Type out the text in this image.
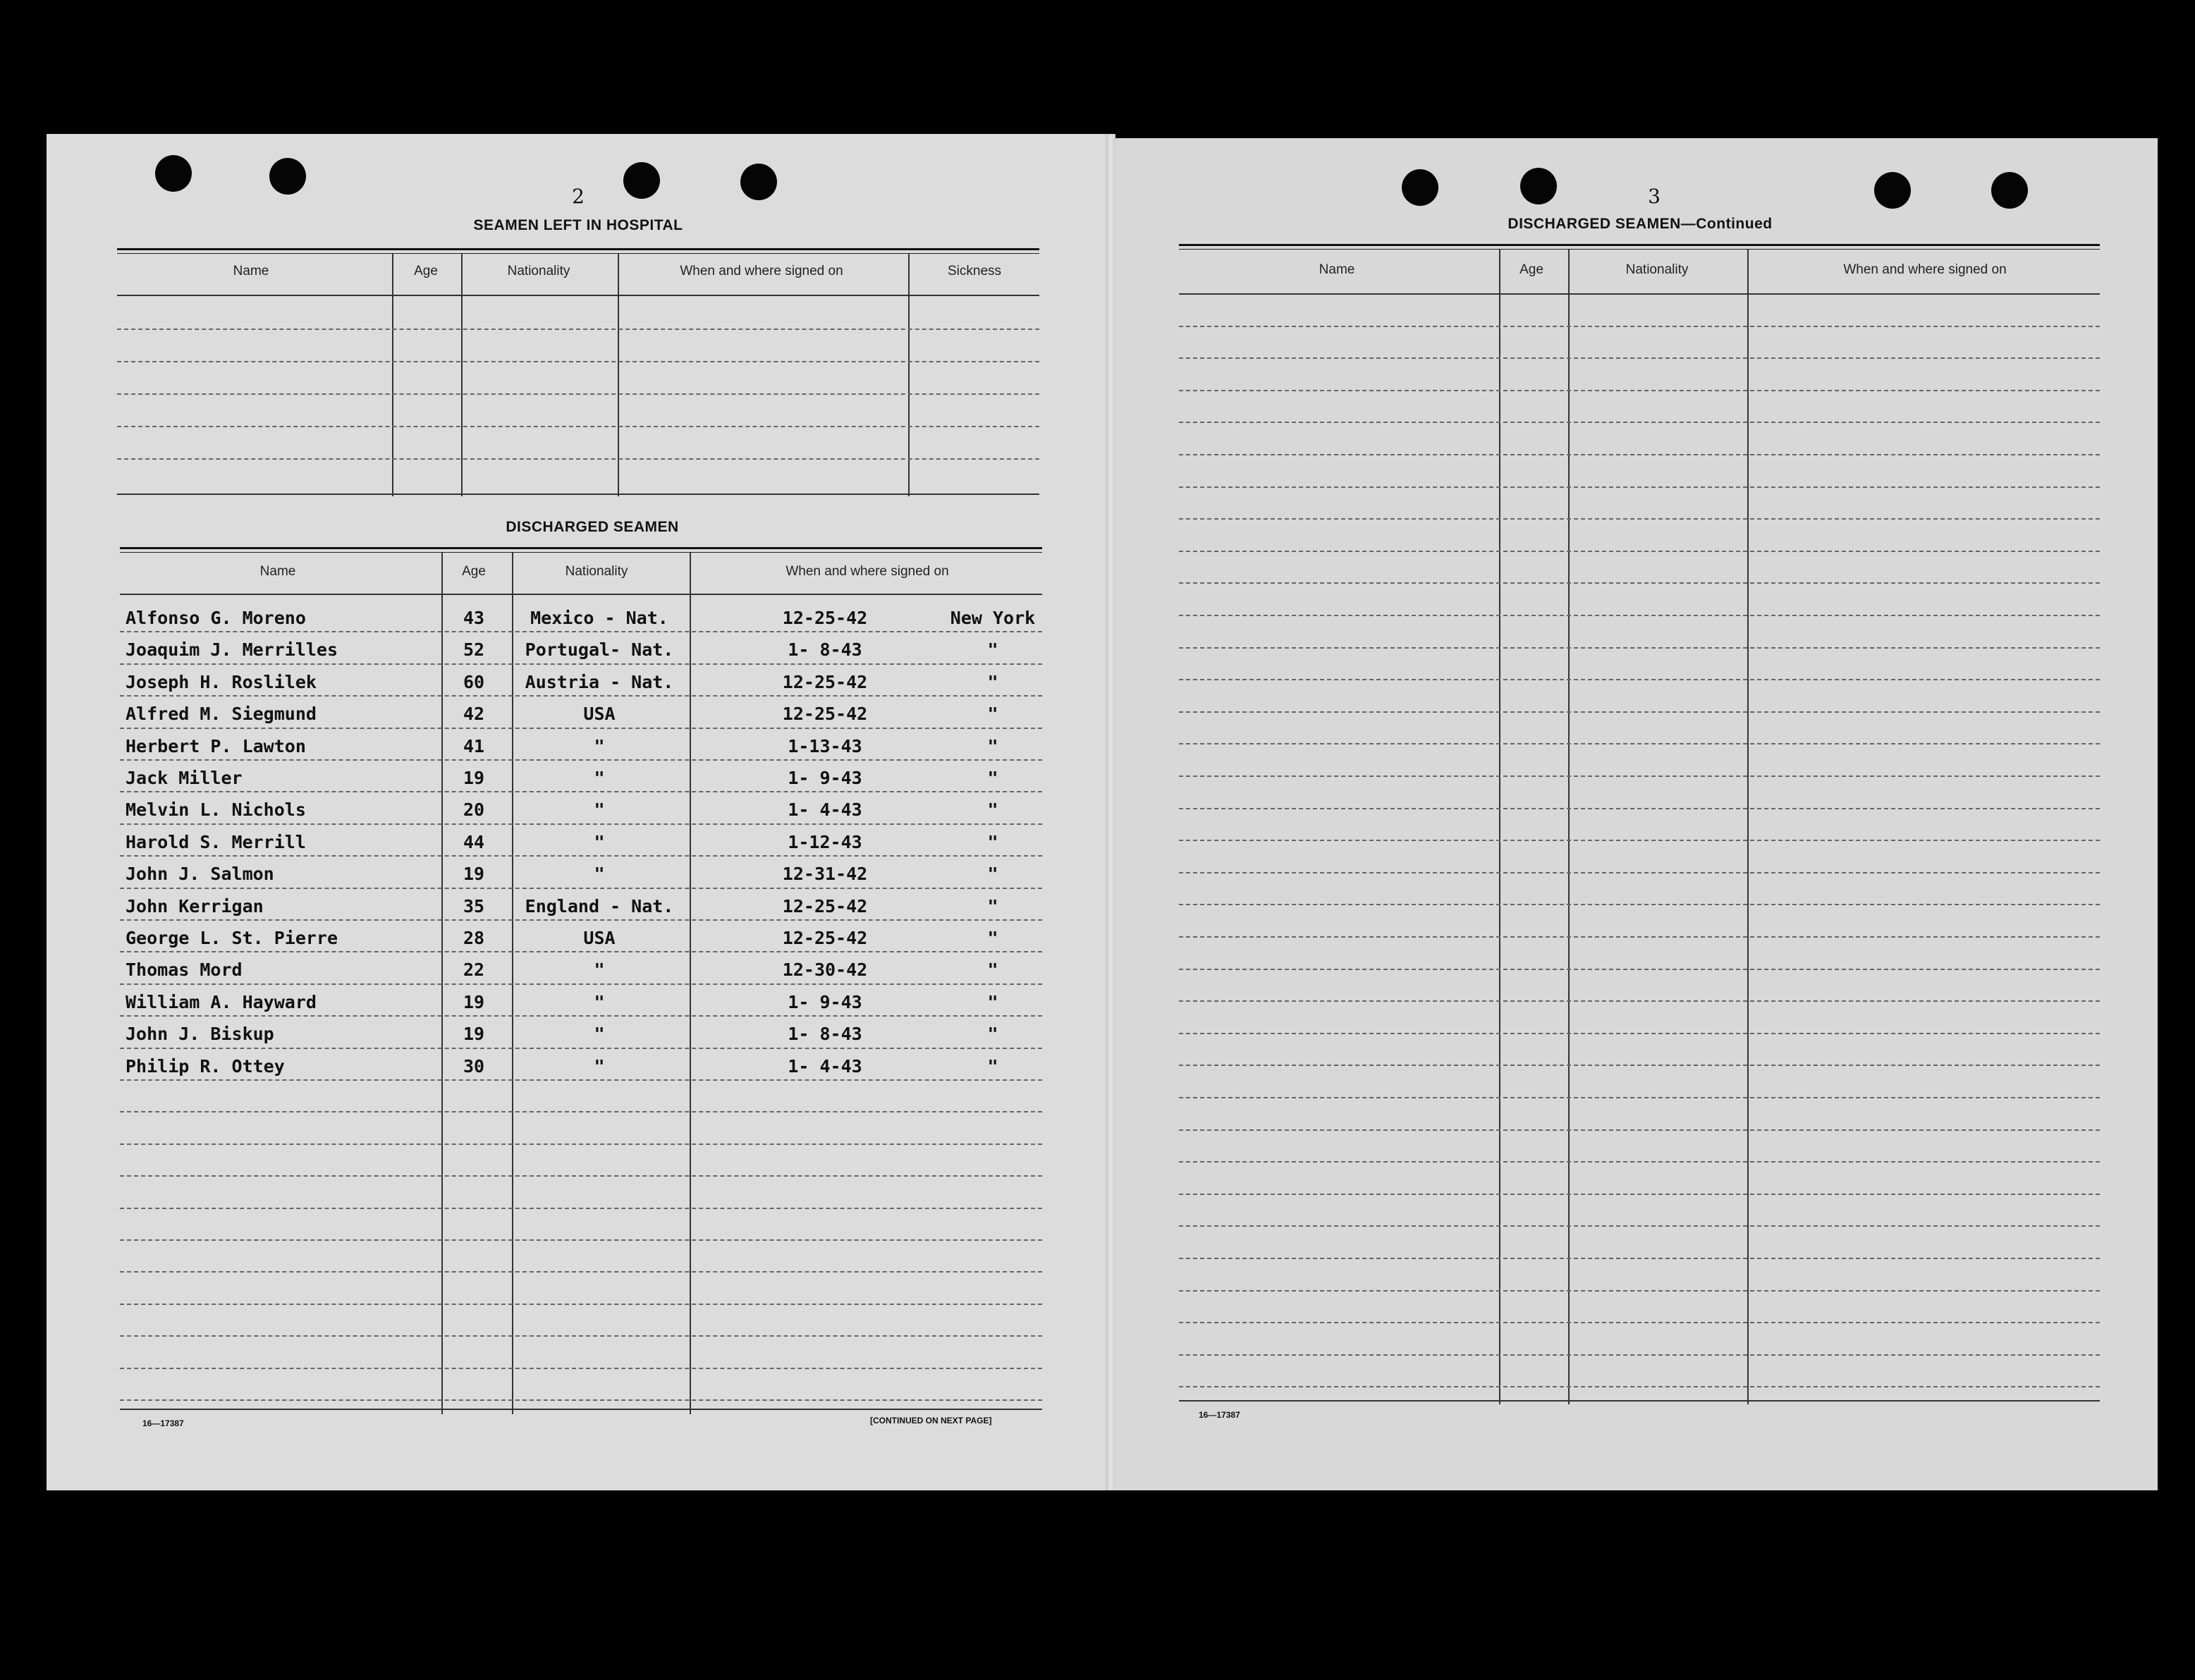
2
SEAMEN LEFT IN HOSPITAL
Name	Age	Nationality	When and where signed on	Sickness
DISCHARGED SEAMEN
Name	Age	Nationality	When and where signed on
Alfonso G. Moreno	43	Mexico - Nat.	12-25-42	New York
Joaquim J. Merrilles	52 Portugal- Nat.	1- 8-43	"
Joseph H. Roslilek	60 Austria - Nat.	12-25-42	"
Alfred M. Siegmund	42	USA	12-25-42	"
Herbert P. Lawton	41	"	1-13-43	"
Jack Miller	19	"	1- 9-43	"
Melvin L. Nichols	20	"	1- 4-43	"
Harold S. Merrill	44	"	1-12-43	"
John J. Salmon	19	"	12-31-42	"
John Kerrigan	35 England - Nat.	12-25-42	"
George L. St. Pierre	28	USA	12-25-42	"
Thomas Mord	22	"	12-30-42	"
William A. Hayward	19	"	1- 9-43	"
John J. Biskup	19	"	1- 8-43	"
Philip R. Ottey	30	"	1- 4-43	"
16—17387	[CONTINUED ON NEXT PAGE]
3
DISCHARGED SEAMEN—Continued
Name	Age	Nationality	When and where signed on
16—17387
